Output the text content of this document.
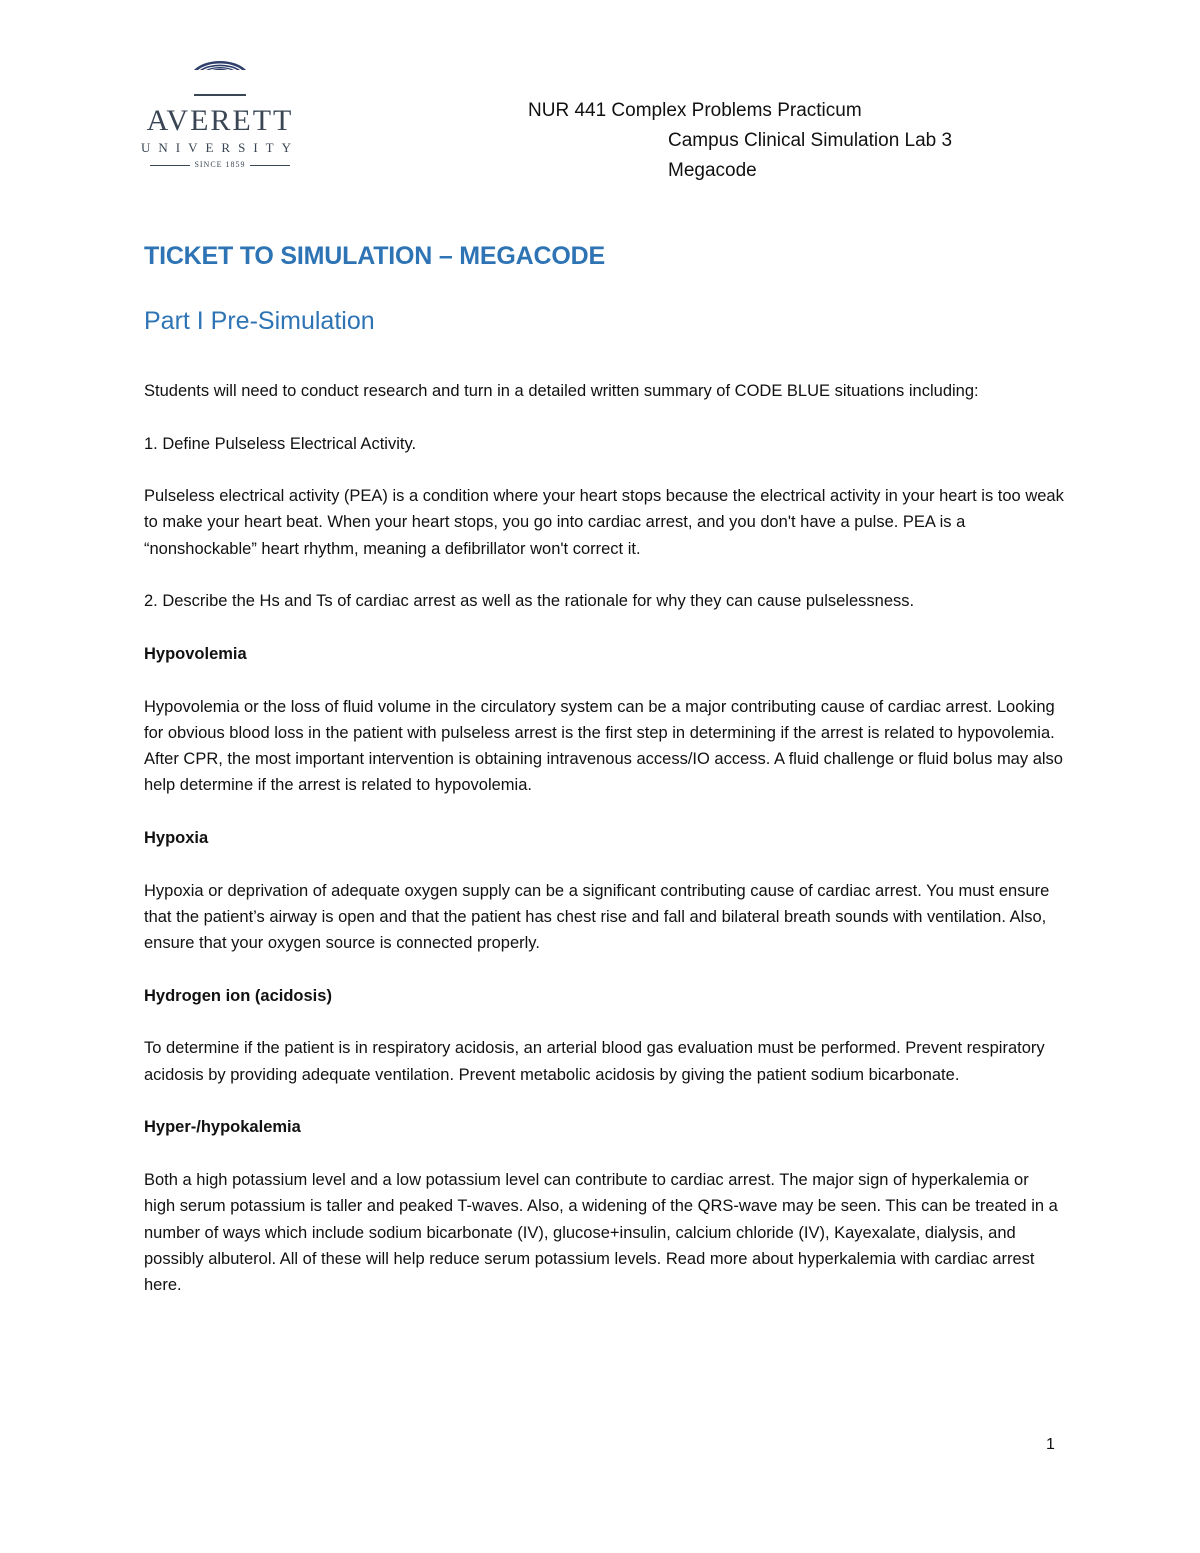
AVERETT
UNIVERSITY
SINCE 1859
NUR 441 Complex Problems Practicum
Campus Clinical Simulation Lab 3
Megacode
TICKET TO SIMULATION – MEGACODE
Part I Pre-Simulation

Students will need to conduct research and turn in a detailed written summary of CODE BLUE situations including:

1. Define Pulseless Electrical Activity.

Pulseless electrical activity (PEA) is a condition where your heart stops because the electrical activity in your heart is too weak to make your heart beat. When your heart stops, you go into cardiac arrest, and you don't have a pulse. PEA is a “nonshockable” heart rhythm, meaning a defibrillator won't correct it.

2. Describe the Hs and Ts of cardiac arrest as well as the rationale for why they can cause pulselessness.

Hypovolemia

Hypovolemia or the loss of fluid volume in the circulatory system can be a major contributing cause of cardiac arrest. Looking for obvious blood loss in the patient with pulseless arrest is the first step in determining if the arrest is related to hypovolemia. After CPR, the most important intervention is obtaining intravenous access/IO access. A fluid challenge or fluid bolus may also help determine if the arrest is related to hypovolemia.

Hypoxia

Hypoxia or deprivation of adequate oxygen supply can be a significant contributing cause of cardiac arrest. You must ensure that the patient’s airway is open and that the patient has chest rise and fall and bilateral breath sounds with ventilation. Also, ensure that your oxygen source is connected properly.

Hydrogen ion (acidosis)

To determine if the patient is in respiratory acidosis, an arterial blood gas evaluation must be performed. Prevent respiratory acidosis by providing adequate ventilation. Prevent metabolic acidosis by giving the patient sodium bicarbonate.

Hyper-/hypokalemia

Both a high potassium level and a low potassium level can contribute to cardiac arrest. The major sign of hyperkalemia or high serum potassium is taller and peaked T-waves. Also, a widening of the QRS-wave may be seen. This can be treated in a number of ways which include sodium bicarbonate (IV), glucose+insulin, calcium chloride (IV), Kayexalate, dialysis, and possibly albuterol. All of these will help reduce serum potassium levels. Read more about hyperkalemia with cardiac arrest here.

1
